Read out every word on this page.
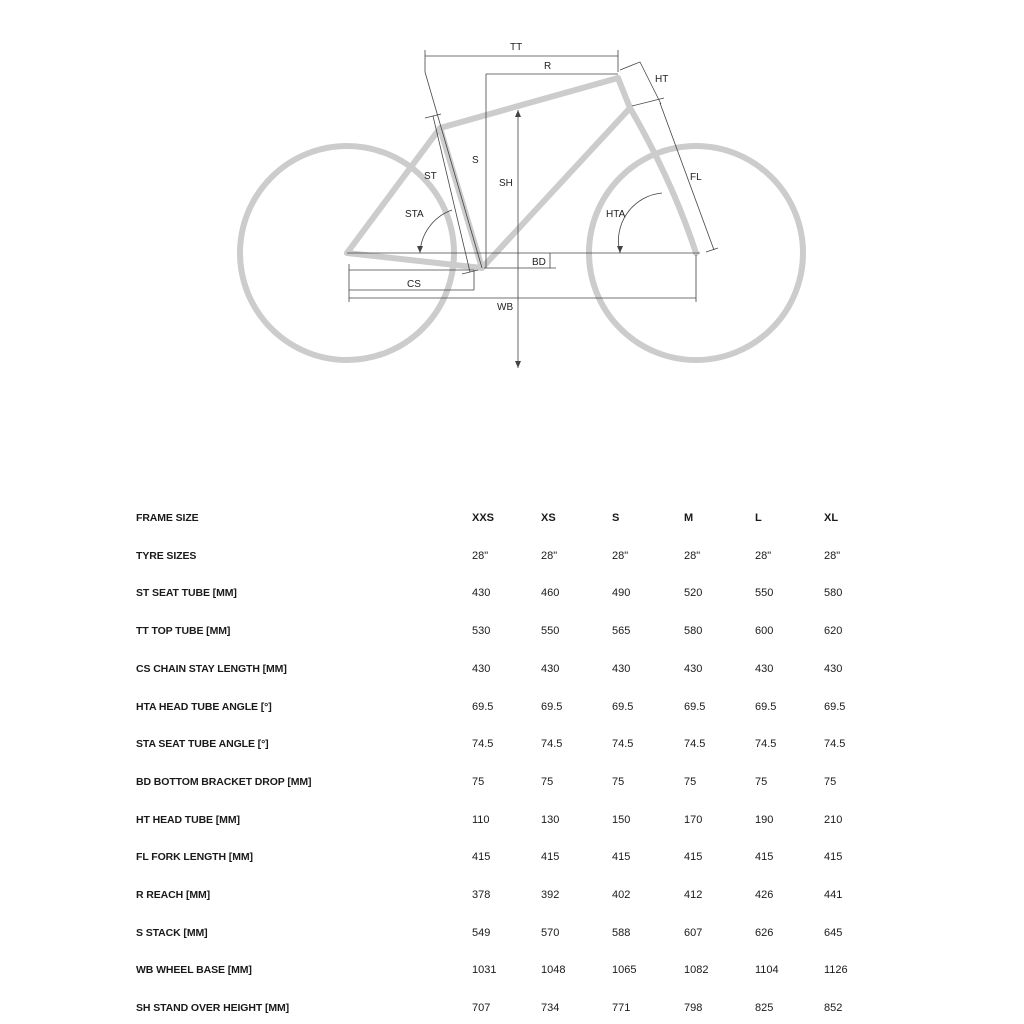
TT
R
HT
S
SH
ST
STA
FL
HTA
BD
CS
WB
FRAME SIZE	XXS	XS	S	M	L	XL
TYRE SIZES	28"	28"	28"	28"	28"	28"
ST SEAT TUBE [MM]	430	460	490	520	550	580
TT TOP TUBE [MM]	530	550	565	580	600	620
CS CHAIN STAY LENGTH [MM]	430	430	430	430	430	430
HTA HEAD TUBE ANGLE [°]	69.5	69.5	69.5	69.5	69.5	69.5
STA SEAT TUBE ANGLE [°]	74.5	74.5	74.5	74.5	74.5	74.5
BD BOTTOM BRACKET DROP [MM]	75	75	75	75	75	75
HT HEAD TUBE [MM]	110	130	150	170	190	210
FL FORK LENGTH [MM]	415	415	415	415	415	415
R REACH [MM]	378	392	402	412	426	441
S STACK [MM]	549	570	588	607	626	645
WB WHEEL BASE [MM]	1031	1048	1065	1082	1104	1126
SH STAND OVER HEIGHT [MM]	707	734	771	798	825	852
